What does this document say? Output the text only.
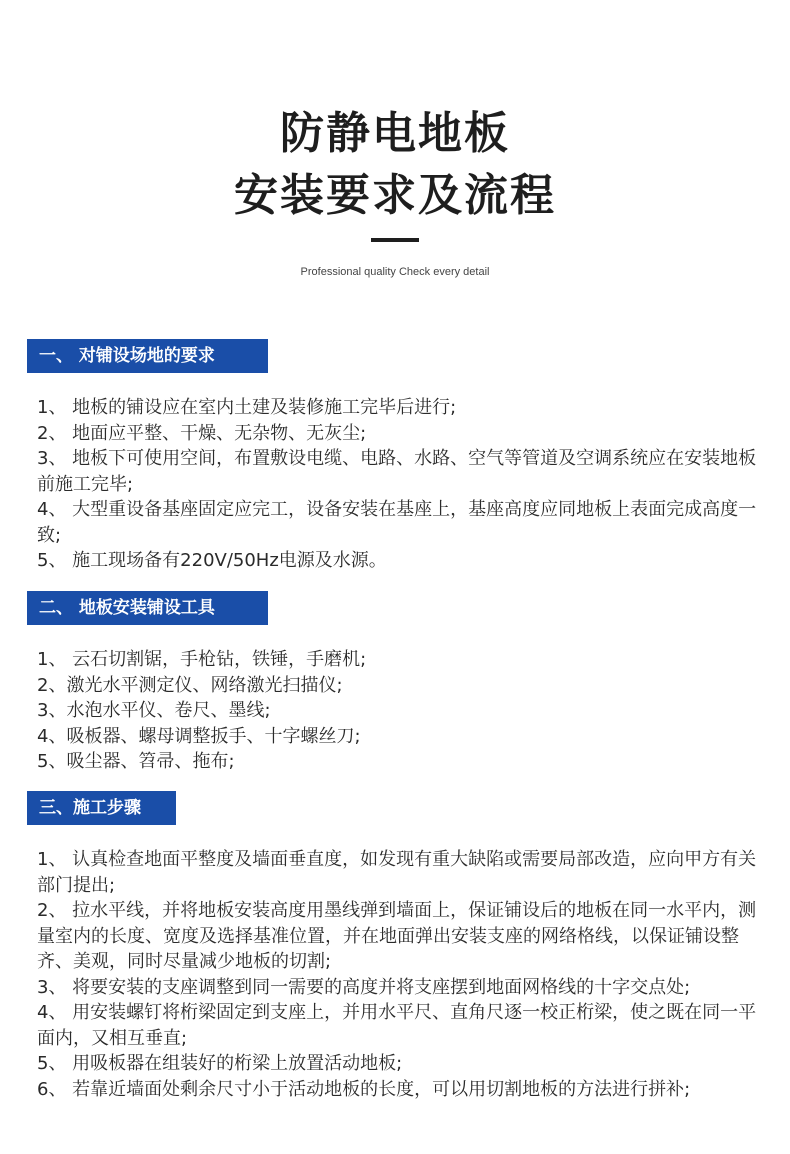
防静电地板
安装要求及流程
Professional quality Check every detail
一、 对铺设场地的要求
1、 地板的铺设应在室内土建及装修施工完毕后进行;
2、 地面应平整、干燥、无杂物、无灰尘;
3、 地板下可使用空间，布置敷设电缆、电路、水路、空气等管道及空调系统应在安装地板前施工完毕;
4、 大型重设备基座固定应完工，设备安装在基座上，基座高度应同地板上表面完成高度一致;
5、 施工现场备有220V/50Hz电源及水源。
二、 地板安装铺设工具
1、 云石切割锯，手枪钻，铁锤，手磨机;
2、激光水平测定仪、网络激光扫描仪;
3、水泡水平仪、卷尺、墨线;
4、吸板器、螺母调整扳手、十字螺丝刀;
5、吸尘器、笤帚、拖布;
三、施工步骤
1、 认真检查地面平整度及墙面垂直度，如发现有重大缺陷或需要局部改造，应向甲方有关部门提出;
2、 拉水平线，并将地板安装高度用墨线弹到墙面上，保证铺设后的地板在同一水平内，测量室内的长度、宽度及选择基准位置，并在地面弹出安装支座的网络格线，以保证铺设整齐、美观，同时尽量减少地板的切割;
3、 将要安装的支座调整到同一需要的高度并将支座摆到地面网格线的十字交点处;
4、 用安装螺钉将桁梁固定到支座上，并用水平尺、直角尺逐一校正桁梁，使之既在同一平面内，又相互垂直;
5、 用吸板器在组装好的桁梁上放置活动地板;
6、 若靠近墙面处剩余尺寸小于活动地板的长度，可以用切割地板的方法进行拼补;
